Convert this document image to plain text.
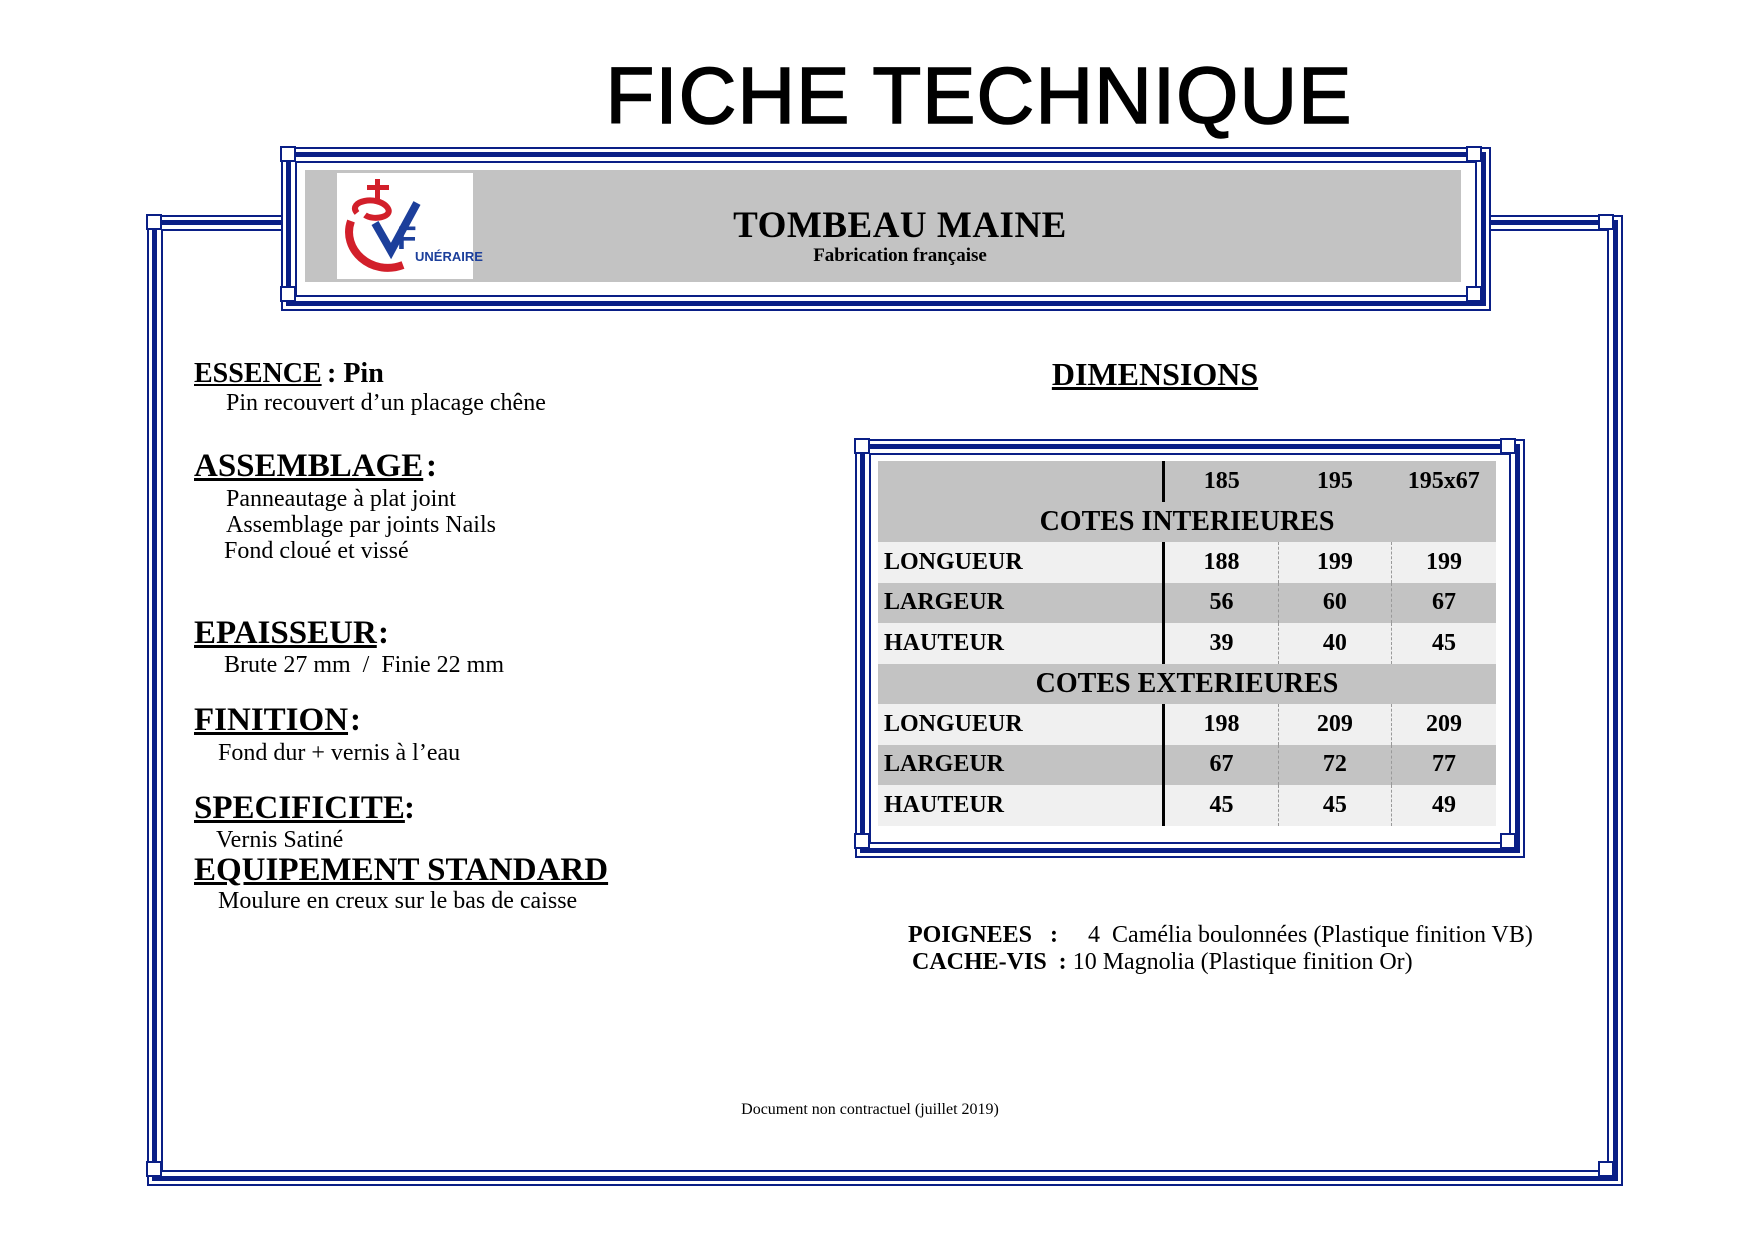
FICHE TECHNIQUE
F
UNÉRAIRE
TOMBEAU MAINE
Fabrication française
ESSENCE : Pin
Pin recouvert d’un placage chêne
ASSEMBLAGE :
Panneautage à plat joint
Assemblage par joints Nails
Fond cloué et vissé
EPAISSEUR :
Brute 27 mm  /  Finie 22 mm
FINITION :
Fond dur + vernis à l’eau
SPECIFICITE :
Vernis Satiné
EQUIPEMENT STANDARD
Moulure en creux sur le bas de caisse
DIMENSIONS
	185	195	195x67
COTES INTERIEURES			
LONGUEUR	188	199	199
LARGEUR	56	60	67
HAUTEUR	39	40	45
COTES EXTERIEURES			
LONGUEUR	198	209	209
LARGEUR	67	72	77
HAUTEUR	45	45	49
POIGNEES   : 4  Camélia boulonnées (Plastique finition VB)
CACHE-VIS  : 10 Magnolia (Plastique finition Or)
Document non contractuel (juillet 2019)
